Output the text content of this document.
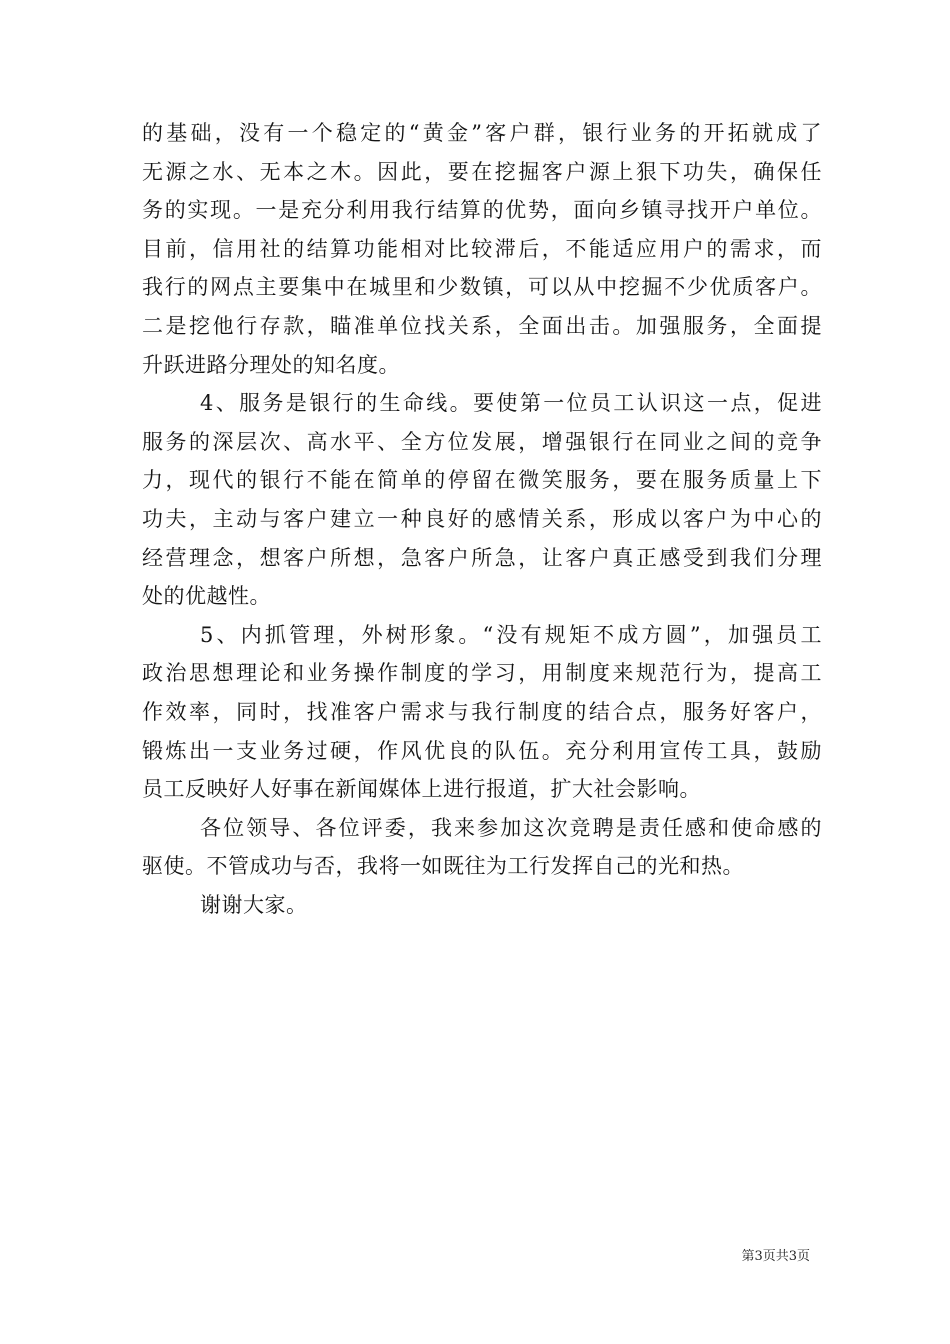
的基础，没有一个稳定的“黄金”客户群，银行业务的开拓就成了
无源之水、无本之木。因此，要在挖掘客户源上狠下功失，确保任
务的实现。一是充分利用我行结算的优势，面向乡镇寻找开户单位。
目前，信用社的结算功能相对比较滞后，不能适应用户的需求，而
我行的网点主要集中在城里和少数镇，可以从中挖掘不少优质客户。
二是挖他行存款，瞄准单位找关系，全面出击。加强服务，全面提
升跃进路分理处的知名度。
4、服务是银行的生命线。要使第一位员工认识这一点，促进
服务的深层次、高水平、全方位发展，增强银行在同业之间的竞争
力，现代的银行不能在简单的停留在微笑服务，要在服务质量上下
功夫，主动与客户建立一种良好的感情关系，形成以客户为中心的
经营理念，想客户所想，急客户所急，让客户真正感受到我们分理
处的优越性。
5、内抓管理，外树形象。“没有规矩不成方圆”，加强员工
政治思想理论和业务操作制度的学习，用制度来规范行为，提高工
作效率，同时，找准客户需求与我行制度的结合点，服务好客户，
锻炼出一支业务过硬，作风优良的队伍。充分利用宣传工具，鼓励
员工反映好人好事在新闻媒体上进行报道，扩大社会影响。
各位领导、各位评委，我来参加这次竞聘是责任感和使命感的
驱使。不管成功与否，我将一如既往为工行发挥自己的光和热。
谢谢大家。
第3页共3页
